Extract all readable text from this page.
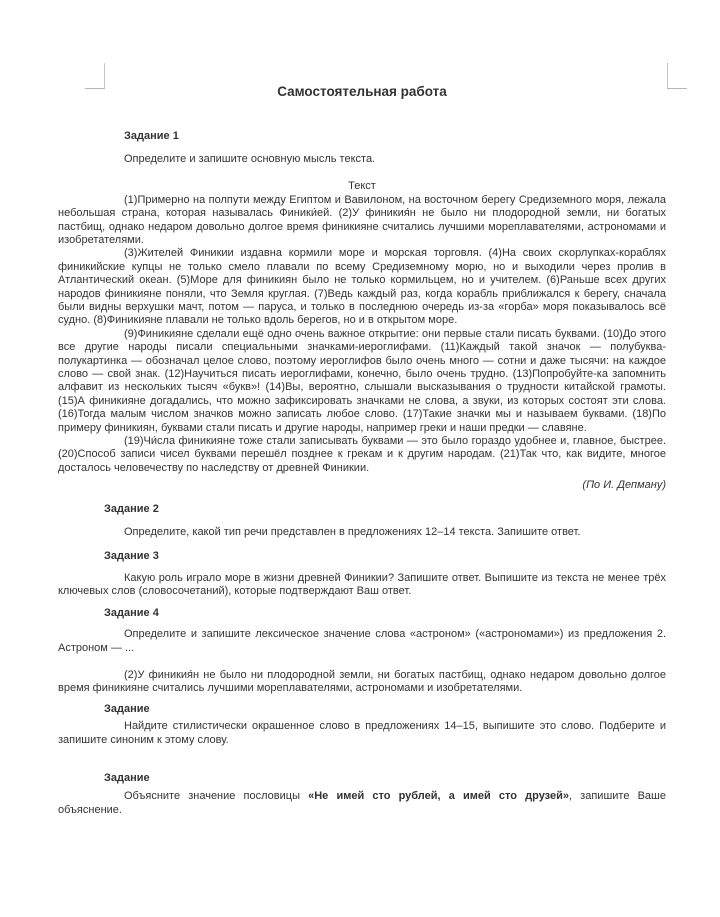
Самостоятельная работа

Задание 1

Определите и запишите основную мысль текста.

Текст

(1)Примерно на полпути между Египтом и Вавилоном, на восточном берегу Средиземного моря, лежала небольшая страна, которая называлась Финики́ей. (2)У финикия́н не было ни плодородной земли, ни богатых пастбищ, однако недаром довольно долгое время финикияне считались лучшими мореплавателями, астрономами и изобретателями.

(3)Жителей Финикии издавна кормили море и морская торговля. (4)На своих скорлупках-кораблях финикийские купцы не только смело плавали по всему Средиземному морю, но и выходили через пролив в Атлантический океан. (5)Море для финикиян было не только кормильцем, но и учителем. (6)Раньше всех других народов финикияне поняли, что Земля круглая. (7)Ведь каждый раз, когда корабль приближался к берегу, сначала были видны верхушки мачт, потом — паруса, и только в последнюю очередь из-за «горба» моря показывалось всё судно. (8)Финикияне плавали не только вдоль берегов, но и в открытом море.

(9)Финикияне сделали ещё одно очень важное открытие: они первые стали писать буквами. (10)До этого все другие народы писали специальными значками-иероглифами. (11)Каждый такой значок — полубуква-полукартинка — обозначал целое слово, поэтому иероглифов было очень много — сотни и даже тысячи: на каждое слово — свой знак. (12)Научиться писать иероглифами, конечно, было очень трудно. (13)Попробуйте-ка запомнить алфавит из нескольких тысяч «букв»! (14)Вы, вероятно, слышали высказывания о трудности китайской грамоты. (15)А финикияне догадались, что можно зафиксировать значками не слова, а звуки, из которых состоят эти слова. (16)Тогда малым числом значков можно записать любое слово. (17)Такие значки мы и называем буквами. (18)По примеру финикиян, буквами стали писать и другие народы, например греки и наши предки — славяне.

(19)Чи́сла финикияне тоже стали записывать буквами — это было гораздо удобнее и, главное, быстрее. (20)Способ записи чисел буквами перешёл позднее к грекам и к другим народам. (21)Так что, как видите, многое досталось человечеству по наследству от древней Финикии.

(По И. Депману)

Задание 2

Определите, какой тип речи представлен в предложениях 12–14 текста. Запишите ответ.

Задание 3

Какую роль играло море в жизни древней Финикии? Запишите ответ. Выпишите из текста не менее трёх ключевых слов (словосочетаний), которые подтверждают Ваш ответ.

Задание 4

Определите и запишите лексическое значение слова «астроном» («астрономами») из предложения 2. Астроном — ...

(2)У финикия́н не было ни плодородной земли, ни богатых пастбищ, однако недаром довольно долгое время финикияне считались лучшими мореплавателями, астрономами и изобретателями.

Задание

Найдите стилистически окрашенное слово в предложениях 14–15, выпишите это слово. Подберите и запишите синоним к этому слову.

Задание

Объясните значение пословицы «Не имей сто рублей, а имей сто друзей», запишите Ваше объяснение.
